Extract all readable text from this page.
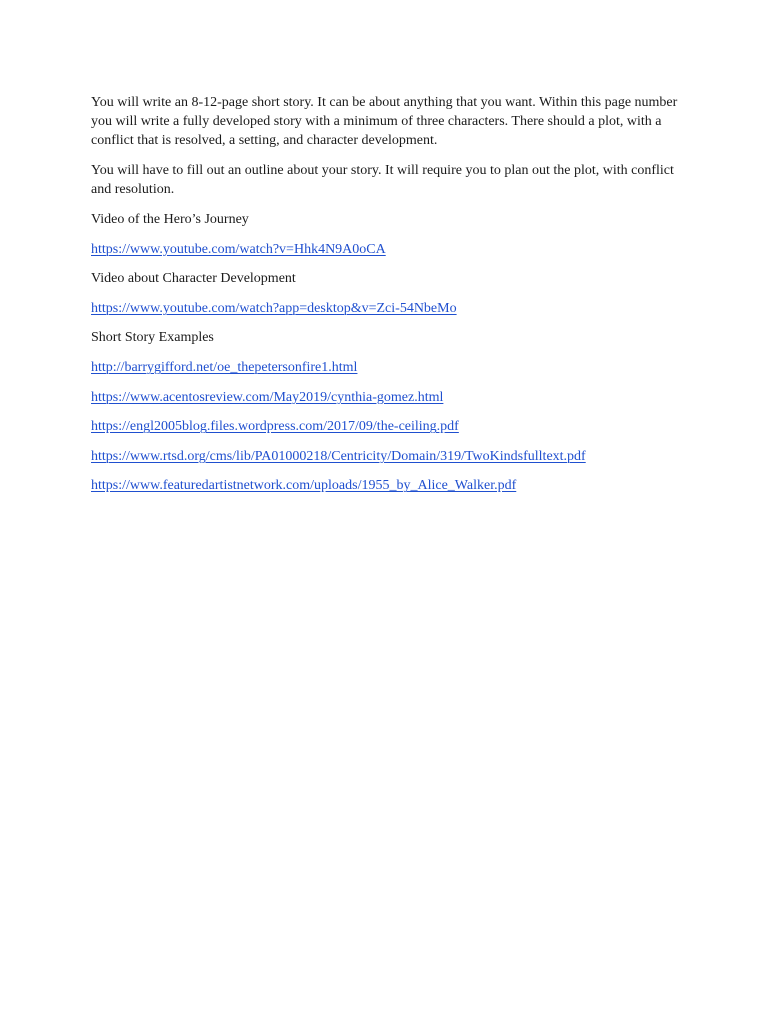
You will write an 8-12-page short story. It can be about anything that you want. Within this page number you will write a fully developed story with a minimum of three characters. There should a plot, with a conflict that is resolved, a setting, and character development.

You will have to fill out an outline about your story. It will require you to plan out the plot, with conflict and resolution.

Video of the Hero’s Journey
https://www.youtube.com/watch?v=Hhk4N9A0oCA
Video about Character Development
https://www.youtube.com/watch?app=desktop&v=Zci-54NbeMo
Short Story Examples
http://barrygifford.net/oe_thepetersonfire1.html
https://www.acentosreview.com/May2019/cynthia-gomez.html
https://engl2005blog.files.wordpress.com/2017/09/the-ceiling.pdf
https://www.rtsd.org/cms/lib/PA01000218/Centricity/Domain/319/TwoKindsfulltext.pdf
https://www.featuredartistnetwork.com/uploads/1955_by_Alice_Walker.pdf
